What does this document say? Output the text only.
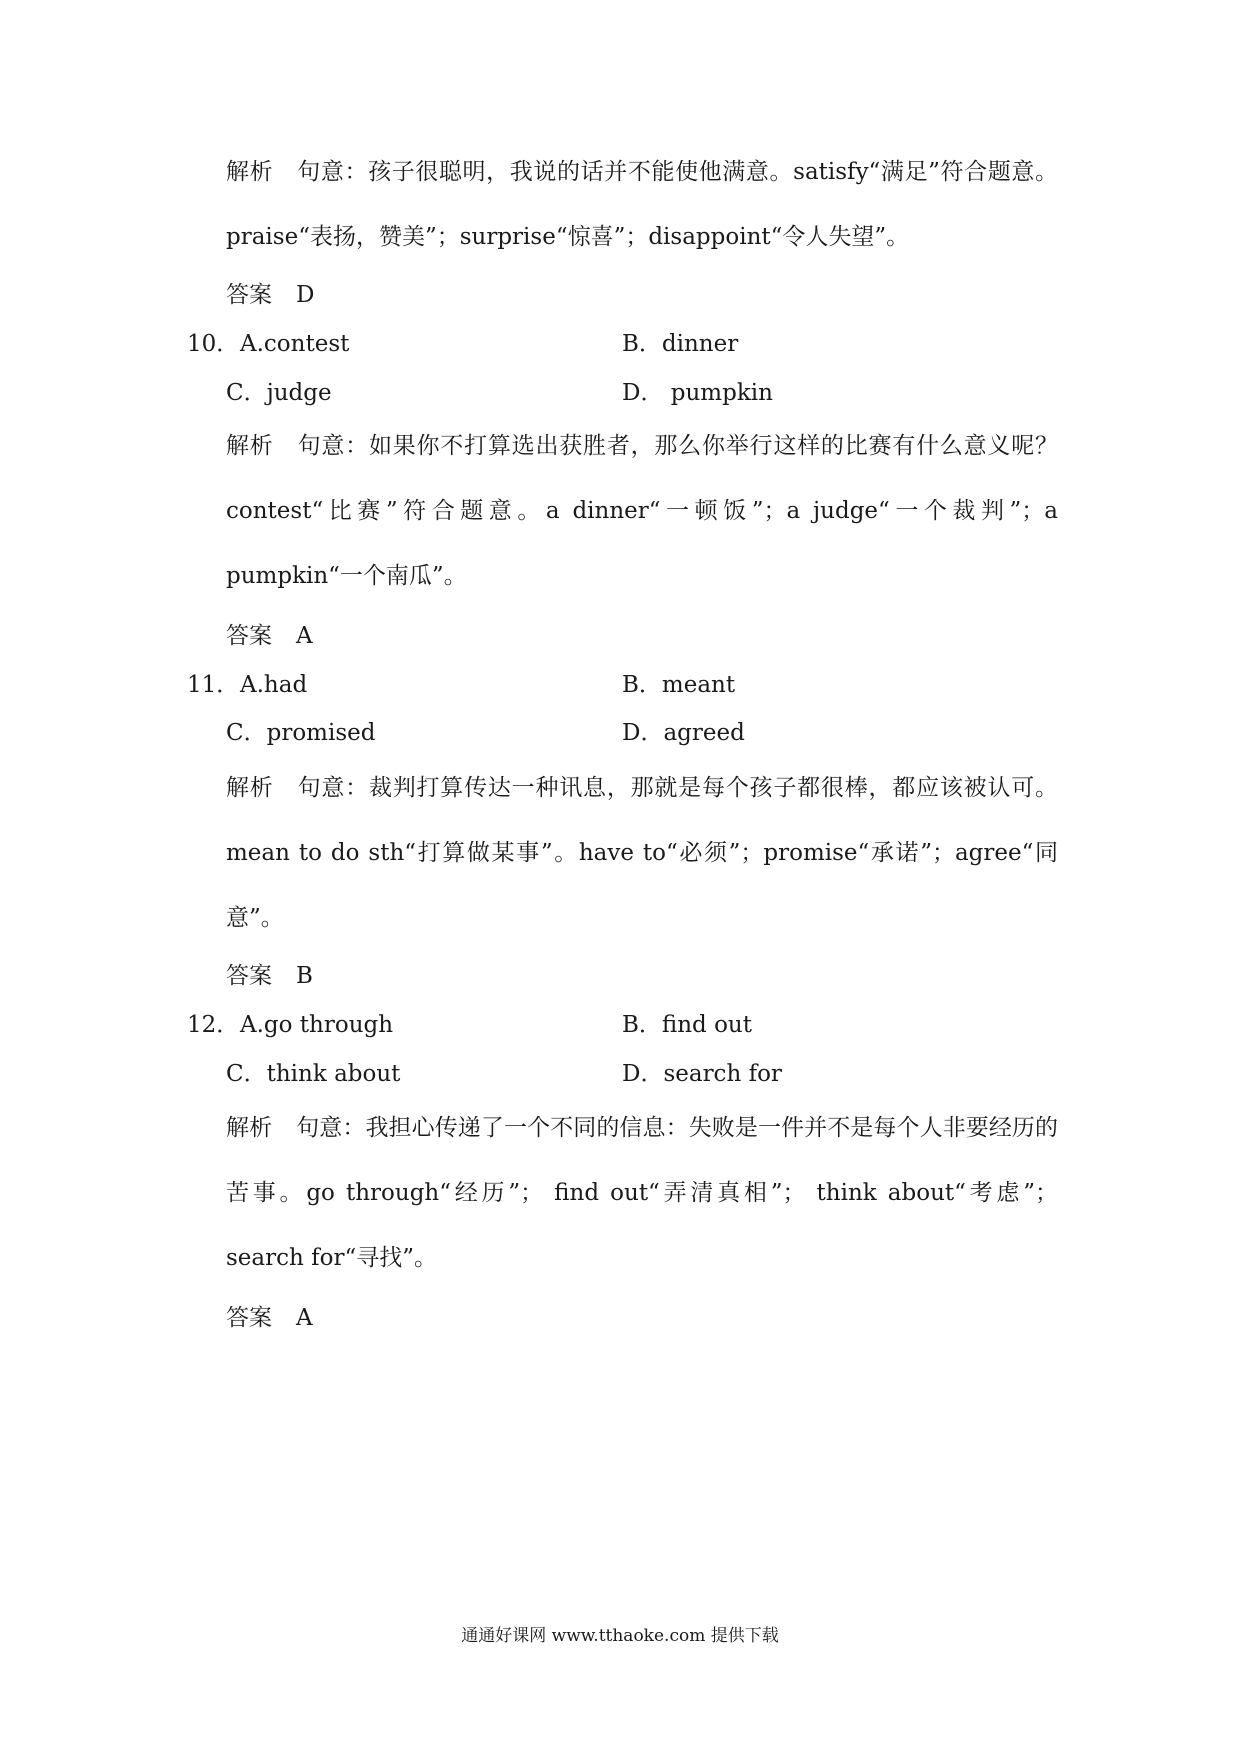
解析 句意：孩子很聪明，我说的话并不能使他满意。satisfy“满足”符合题意。praise“表扬，赞美”；surprise“惊喜”；disappoint“令人失望”。
答案 D
10． A.contest	B．dinner
C．judge	D． pumpkin
解析 句意：如果你不打算选出获胜者，那么你举行这样的比赛有什么意义呢？contest“比赛”符合题意。a dinner“一顿饭”；a judge“一个裁判”；a pumpkin“一个南瓜”。
答案 A
11． A.had	B．meant
C．promised	D．agreed
解析 句意：裁判打算传达一种讯息，那就是每个孩子都很棒，都应该被认可。mean to do sth“打算做某事”。have to“必须”；promise“承诺”；agree“同意”。
答案 B
12． A.go through	B．find out
C．think about	D．search for
解析 句意：我担心传递了一个不同的信息：失败是一件并不是每个人非要经历的苦事。go through“经历”； find out“弄清真相”； think about“考虑”； search for“寻找”。
答案 A
通通好课网 www.tthaoke.com 提供下载
